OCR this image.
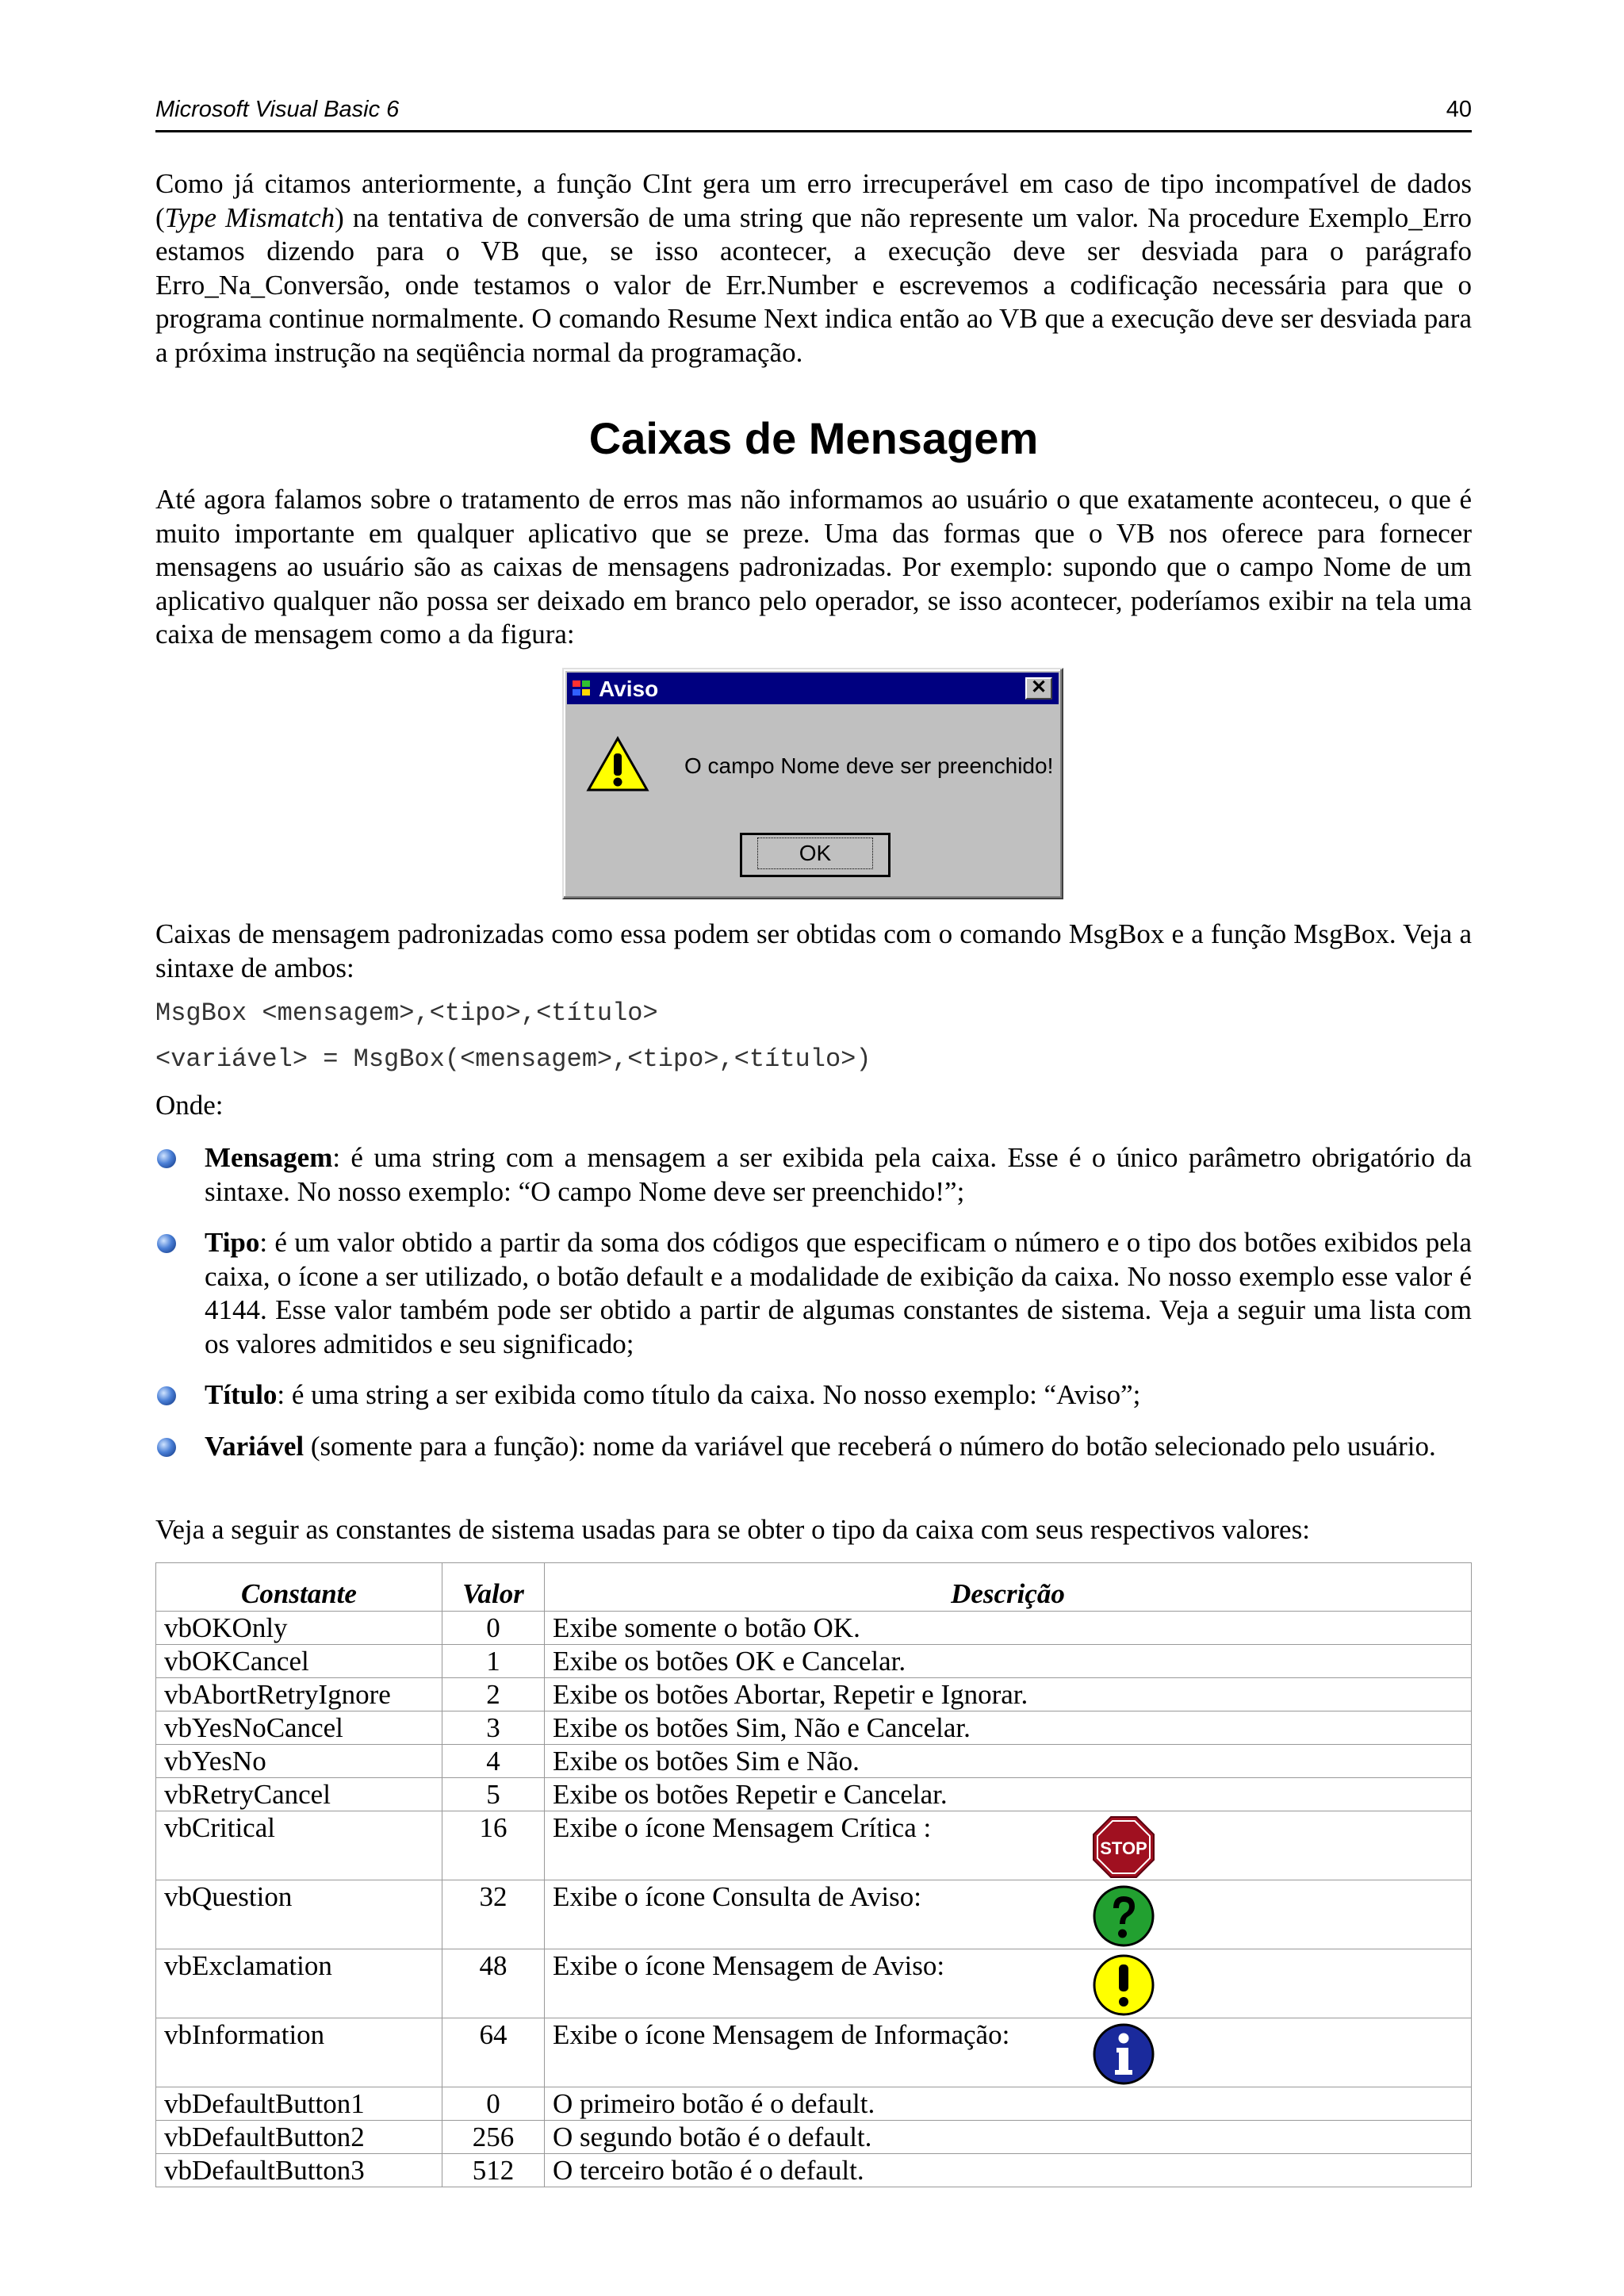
Microsoft Visual Basic 6	40

Como já citamos anteriormente, a função CInt gera um erro irrecuperável em caso de tipo incompatível de dados (Type Mismatch) na tentativa de conversão de uma string que não represente um valor. Na procedure Exemplo_Erro estamos dizendo para o VB que, se isso acontecer, a execução deve ser desviada para o parágrafo Erro_Na_Conversão, onde testamos o valor de Err.Number e escrevemos a codificação necessária para que o programa continue normalmente. O comando Resume Next indica então ao VB que a execução deve ser desviada para a próxima instrução na seqüência normal da programação.

Caixas de Mensagem

Até agora falamos sobre o tratamento de erros mas não informamos ao usuário o que exatamente aconteceu, o que é muito importante em qualquer aplicativo que se preze. Uma das formas que o VB nos oferece para fornecer mensagens ao usuário são as caixas de mensagens padronizadas. Por exemplo: supondo que o campo Nome de um aplicativo qualquer não possa ser deixado em branco pelo operador, se isso acontecer, poderíamos exibir na tela uma caixa de mensagem como a da figura:

Aviso	✕
O campo Nome deve ser preenchido!
OK

Caixas de mensagem padronizadas como essa podem ser obtidas com o comando MsgBox e a função MsgBox. Veja a sintaxe de ambos:

MsgBox <mensagem>,<tipo>,<título>
<variável> = MsgBox(<mensagem>,<tipo>,<título>)
Onde:
Mensagem: é uma string com a mensagem a ser exibida pela caixa. Esse é o único parâmetro obrigatório da sintaxe. No nosso exemplo: “O campo Nome deve ser preenchido!”;
Tipo: é um valor obtido a partir da soma dos códigos que especificam o número e o tipo dos botões exibidos pela caixa, o ícone a ser utilizado, o botão default e a modalidade de exibição da caixa. No nosso exemplo esse valor é 4144. Esse valor também pode ser obtido a partir de algumas constantes de sistema. Veja a seguir uma lista com os valores admitidos e seu significado;
Título: é uma string a ser exibida como título da caixa. No nosso exemplo: “Aviso”;
Variável (somente para a função): nome da variável que receberá o número do botão selecionado pelo usuário.

Veja a seguir as constantes de sistema usadas para se obter o tipo da caixa com seus respectivos valores:

Constante	Valor	Descrição
vbOKOnly	0	Exibe somente o botão OK.
vbOKCancel	1	Exibe os botões OK e Cancelar.
vbAbortRetryIgnore	2	Exibe os botões Abortar, Repetir e Ignorar.
vbYesNoCancel	3	Exibe os botões Sim, Não e Cancelar.
vbYesNo	4	Exibe os botões Sim e Não.
vbRetryCancel	5	Exibe os botões Repetir e Cancelar.
vbCritical	16	Exibe o ícone Mensagem Crítica :
STOP

vbQuestion	32	Exibe o ícone Consulta de Aviso:

vbExclamation	48	Exibe o ícone Mensagem de Aviso:

vbInformation	64	Exibe o ícone Mensagem de Informação:

vbDefaultButton1	0	O primeiro botão é o default.
vbDefaultButton2	256	O segundo botão é o default.
vbDefaultButton3	512	O terceiro botão é o default.
